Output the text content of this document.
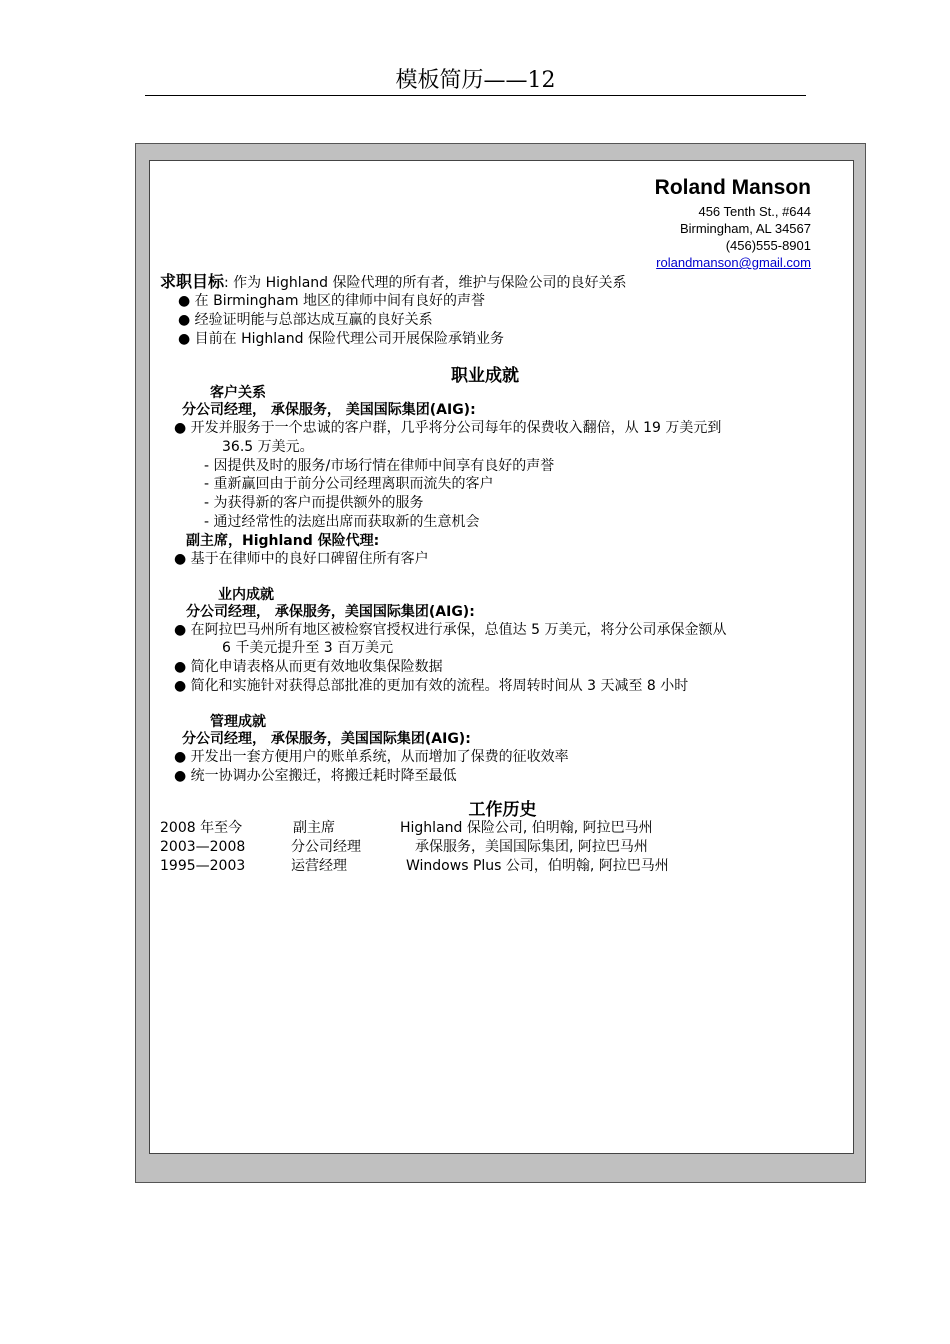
模板简历——12
Roland Manson
456 Tenth St., #644
Birmingham, AL 34567
(456)555-8901
rolandmanson@gmail.com
求职目标: 作为 Highland 保险代理的所有者，维护与保险公司的良好关系
● 在 Birmingham 地区的律师中间有良好的声誉
● 经验证明能与总部达成互赢的良好关系
● 目前在 Highland 保险代理公司开展保险承销业务
职业成就
客户关系
分公司经理， 承保服务， 美国国际集团(AIG):
● 开发并服务于一个忠诚的客户群，几乎将分公司每年的保费收入翻倍，从 19 万美元到
36.5 万美元。
- 因提供及时的服务/市场行情在律师中间享有良好的声誉
- 重新赢回由于前分公司经理离职而流失的客户
- 为获得新的客户而提供额外的服务
- 通过经常性的法庭出席而获取新的生意机会
副主席，Highland 保险代理:
● 基于在律师中的良好口碑留住所有客户
业内成就
分公司经理， 承保服务，美国国际集团(AIG):
● 在阿拉巴马州所有地区被检察官授权进行承保，总值达 5 万美元，将分公司承保金额从
6 千美元提升至 3 百万美元
● 简化申请表格从而更有效地收集保险数据
● 简化和实施针对获得总部批准的更加有效的流程。将周转时间从 3 天减至 8 小时
管理成就
分公司经理， 承保服务，美国国际集团(AIG):
● 开发出一套方便用户的账单系统，从而增加了保费的征收效率
● 统一协调办公室搬迁，将搬迁耗时降至最低
工作历史
2008 年至今	副主席	Highland 保险公司, 伯明翰, 阿拉巴马州
2003—2008	分公司经理	承保服务，美国国际集团, 阿拉巴马州
1995—2003	运营经理	Windows Plus 公司，伯明翰, 阿拉巴马州
